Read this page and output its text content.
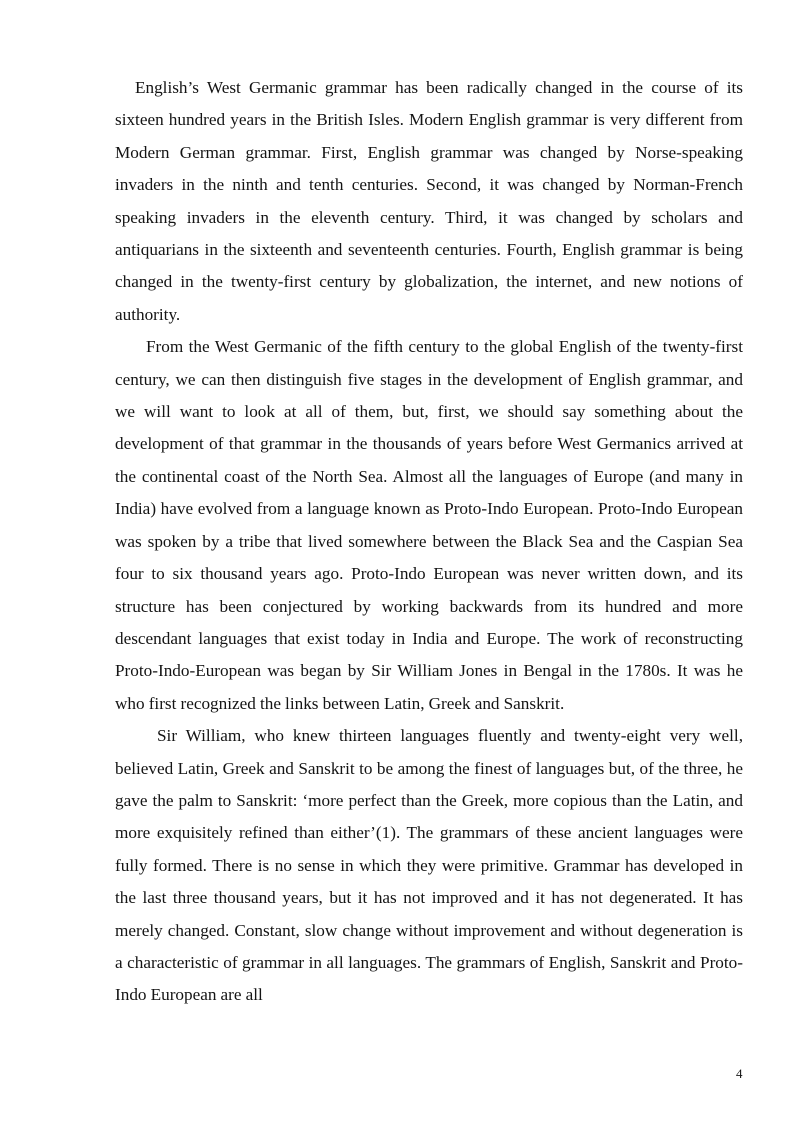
English’s West Germanic grammar has been radically changed in the course of its sixteen hundred years in the British Isles. Modern English grammar is very different from Modern German grammar. First, English grammar was changed by Norse-speaking invaders in the ninth and tenth centuries. Second, it was changed by Norman-French speaking invaders in the eleventh century. Third, it was changed by scholars and antiquarians in the sixteenth and seventeenth centuries. Fourth, English grammar is being changed in the twenty-first century by globalization, the internet, and new notions of authority.

From the West Germanic of the fifth century to the global English of the twenty-first century, we can then distinguish five stages in the development of English grammar, and we will want to look at all of them, but, first, we should say something about the development of that grammar in the thousands of years before West Germanics arrived at the continental coast of the North Sea. Almost all the languages of Europe (and many in India) have evolved from a language known as Proto-Indo European. Proto-Indo European was spoken by a tribe that lived somewhere between the Black Sea and the Caspian Sea four to six thousand years ago. Proto-Indo European was never written down, and its structure has been conjectured by working backwards from its hundred and more descendant languages that exist today in India and Europe. The work of reconstructing Proto-Indo-European was began by Sir William Jones in Bengal in the 1780s. It was he who first recognized the links between Latin, Greek and Sanskrit.

Sir William, who knew thirteen languages fluently and twenty-eight very well, believed Latin, Greek and Sanskrit to be among the finest of languages but, of the three, he gave the palm to Sanskrit: ‘more perfect than the Greek, more copious than the Latin, and more exquisitely refined than either’(1). The grammars of these ancient languages were fully formed. There is no sense in which they were primitive. Grammar has developed in the last three thousand years, but it has not improved and it has not degenerated. It has merely changed. Constant, slow change without improvement and without degeneration is a characteristic of grammar in all languages. The grammars of English, Sanskrit and Proto-Indo European are all

4
